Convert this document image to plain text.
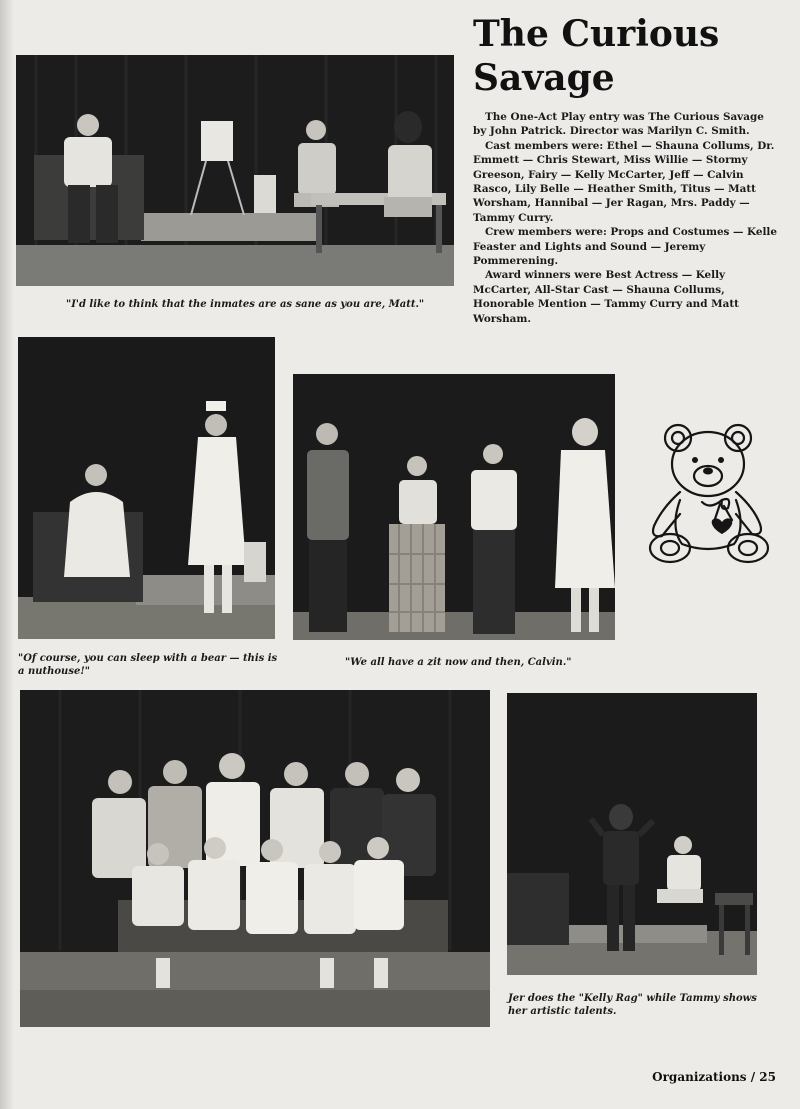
"I'd like to think that the inmates are as sane as you are, Matt."
The Curious
Savage

The One-Act Play entry was The Curious Savage by John Patrick. Director was Marilyn C. Smith.

Cast members were: Ethel — Shauna Collums, Dr. Emmett — Chris Stewart, Miss Willie — Stormy Greeson, Fairy — Kelly McCarter, Jeff — Calvin Rasco, Lily Belle — Heather Smith, Titus — Matt Worsham, Hannibal — Jer Ragan, Mrs. Paddy — Tammy Curry.

Crew members were: Props and Costumes — Kelle Feaster and Lights and Sound — Jeremy Pommerening.

Award winners were Best Actress — Kelly McCarter, All-Star Cast — Shauna Collums, Honorable Mention — Tammy Curry and Matt Worsham.

"Of course, you can sleep with a bear — this is a nuthouse!"
"We all have a zit now and then, Calvin."
Jer does the "Kelly Rag" while Tammy shows her artistic talents.
Organizations / 25
